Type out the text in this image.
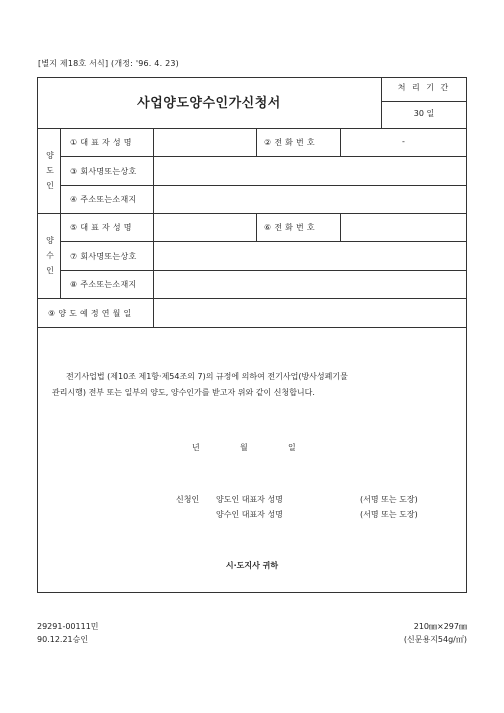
[별지 제18호 서식] (개정: '96. 4. 23)
사업양도양수인가신청서
처 리 기 간
30 일
양
도
인
① 대 표 자 성 명	② 전 화 번 호	-
③ 회사명또는상호
④ 주소또는소재지
양
수
인
⑤ 대 표 자 성 명	⑥ 전 화 번 호
⑦ 회사명또는상호
⑧ 주소또는소재지
⑨ 양 도 예 정 연 월 일
전기사업법 (제10조 제1항·제54조의 7)의 규정에 의하여 전기사업(방사성폐기물
관리시행) 전부 또는 일부의 양도, 양수인가를 받고자 위와 같이 신청합니다.
년	월	일
신청인 양도인 대표자 성명	(서명 또는 도장)
양수인 대표자 성명	(서명 또는 도장)
시·도지사 귀하
29291-00111민
90.12.21승인
210㎜×297㎜
(신문용지54g/㎡)
